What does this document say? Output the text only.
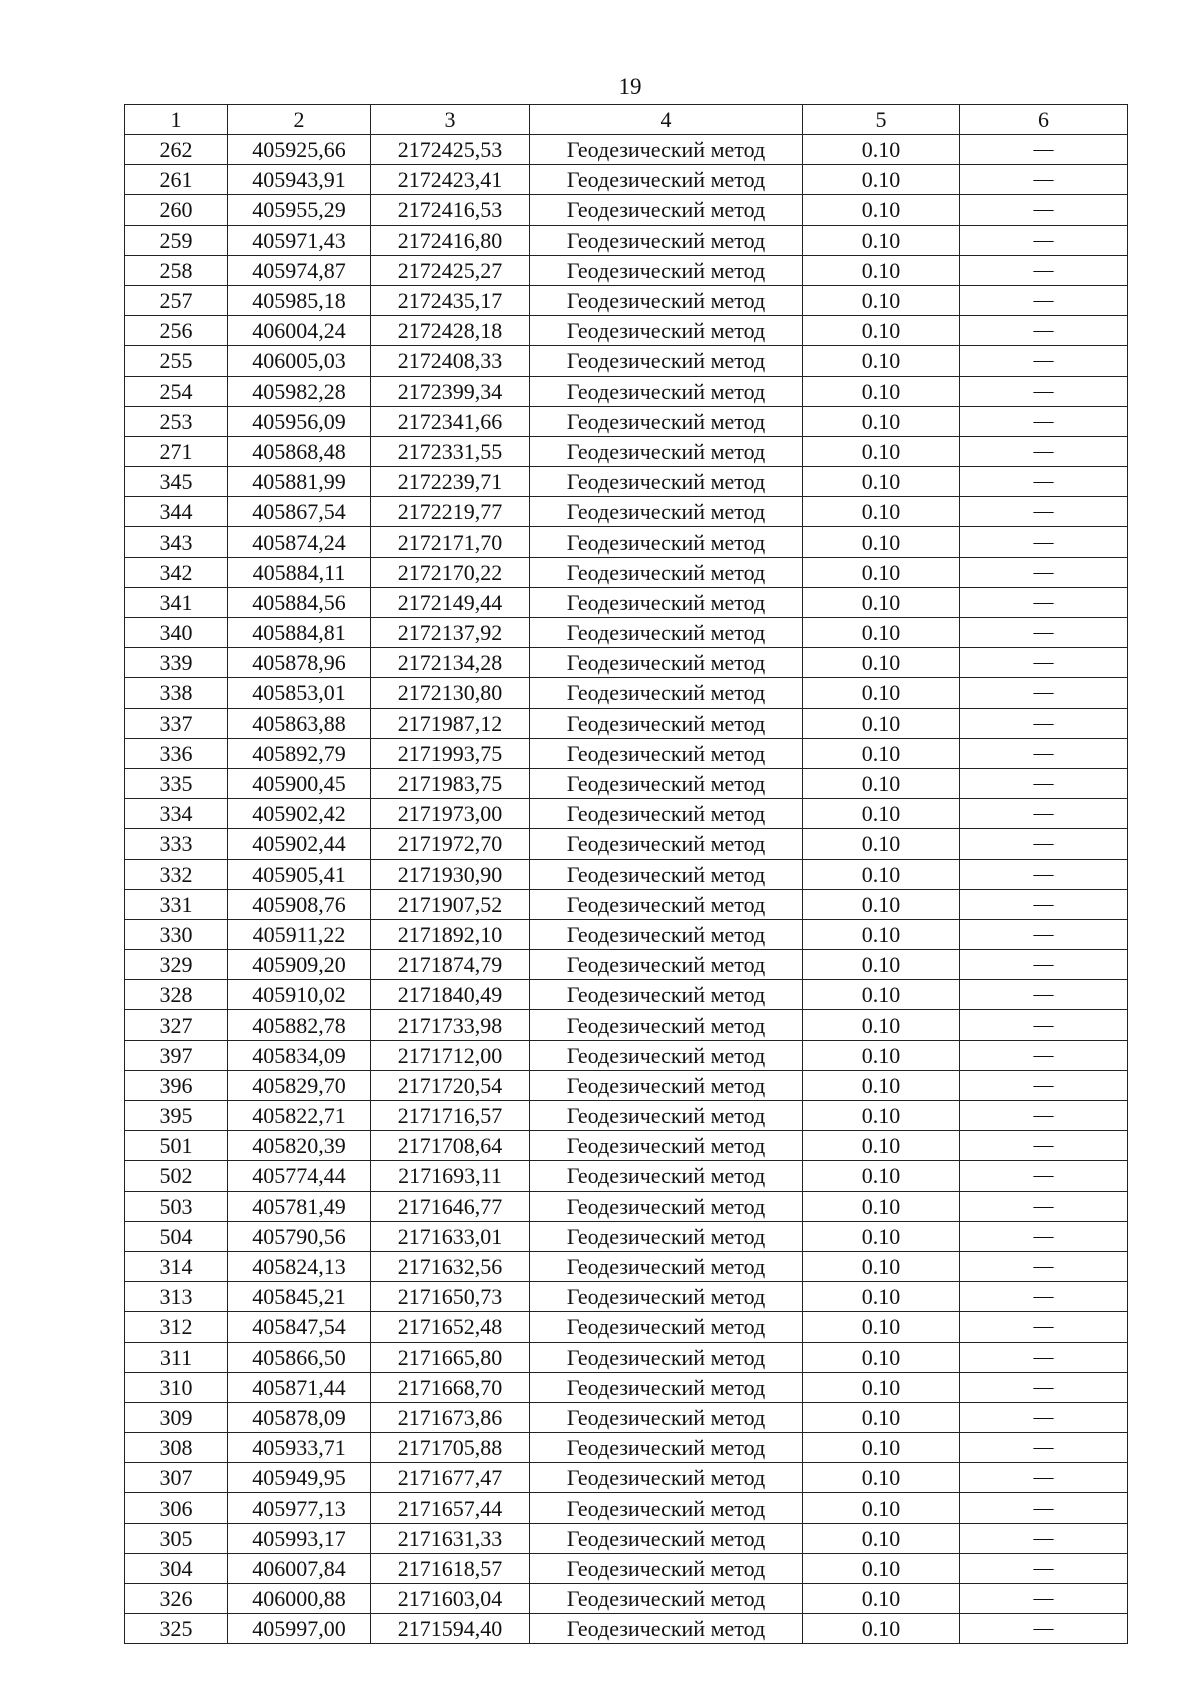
19
1	2	3	4	5	6
262	405925,66	2172425,53	Геодезический метод	0.10	—
261	405943,91	2172423,41	Геодезический метод	0.10	—
260	405955,29	2172416,53	Геодезический метод	0.10	—
259	405971,43	2172416,80	Геодезический метод	0.10	—
258	405974,87	2172425,27	Геодезический метод	0.10	—
257	405985,18	2172435,17	Геодезический метод	0.10	—
256	406004,24	2172428,18	Геодезический метод	0.10	—
255	406005,03	2172408,33	Геодезический метод	0.10	—
254	405982,28	2172399,34	Геодезический метод	0.10	—
253	405956,09	2172341,66	Геодезический метод	0.10	—
271	405868,48	2172331,55	Геодезический метод	0.10	—
345	405881,99	2172239,71	Геодезический метод	0.10	—
344	405867,54	2172219,77	Геодезический метод	0.10	—
343	405874,24	2172171,70	Геодезический метод	0.10	—
342	405884,11	2172170,22	Геодезический метод	0.10	—
341	405884,56	2172149,44	Геодезический метод	0.10	—
340	405884,81	2172137,92	Геодезический метод	0.10	—
339	405878,96	2172134,28	Геодезический метод	0.10	—
338	405853,01	2172130,80	Геодезический метод	0.10	—
337	405863,88	2171987,12	Геодезический метод	0.10	—
336	405892,79	2171993,75	Геодезический метод	0.10	—
335	405900,45	2171983,75	Геодезический метод	0.10	—
334	405902,42	2171973,00	Геодезический метод	0.10	—
333	405902,44	2171972,70	Геодезический метод	0.10	—
332	405905,41	2171930,90	Геодезический метод	0.10	—
331	405908,76	2171907,52	Геодезический метод	0.10	—
330	405911,22	2171892,10	Геодезический метод	0.10	—
329	405909,20	2171874,79	Геодезический метод	0.10	—
328	405910,02	2171840,49	Геодезический метод	0.10	—
327	405882,78	2171733,98	Геодезический метод	0.10	—
397	405834,09	2171712,00	Геодезический метод	0.10	—
396	405829,70	2171720,54	Геодезический метод	0.10	—
395	405822,71	2171716,57	Геодезический метод	0.10	—
501	405820,39	2171708,64	Геодезический метод	0.10	—
502	405774,44	2171693,11	Геодезический метод	0.10	—
503	405781,49	2171646,77	Геодезический метод	0.10	—
504	405790,56	2171633,01	Геодезический метод	0.10	—
314	405824,13	2171632,56	Геодезический метод	0.10	—
313	405845,21	2171650,73	Геодезический метод	0.10	—
312	405847,54	2171652,48	Геодезический метод	0.10	—
311	405866,50	2171665,80	Геодезический метод	0.10	—
310	405871,44	2171668,70	Геодезический метод	0.10	—
309	405878,09	2171673,86	Геодезический метод	0.10	—
308	405933,71	2171705,88	Геодезический метод	0.10	—
307	405949,95	2171677,47	Геодезический метод	0.10	—
306	405977,13	2171657,44	Геодезический метод	0.10	—
305	405993,17	2171631,33	Геодезический метод	0.10	—
304	406007,84	2171618,57	Геодезический метод	0.10	—
326	406000,88	2171603,04	Геодезический метод	0.10	—
325	405997,00	2171594,40	Геодезический метод	0.10	—
